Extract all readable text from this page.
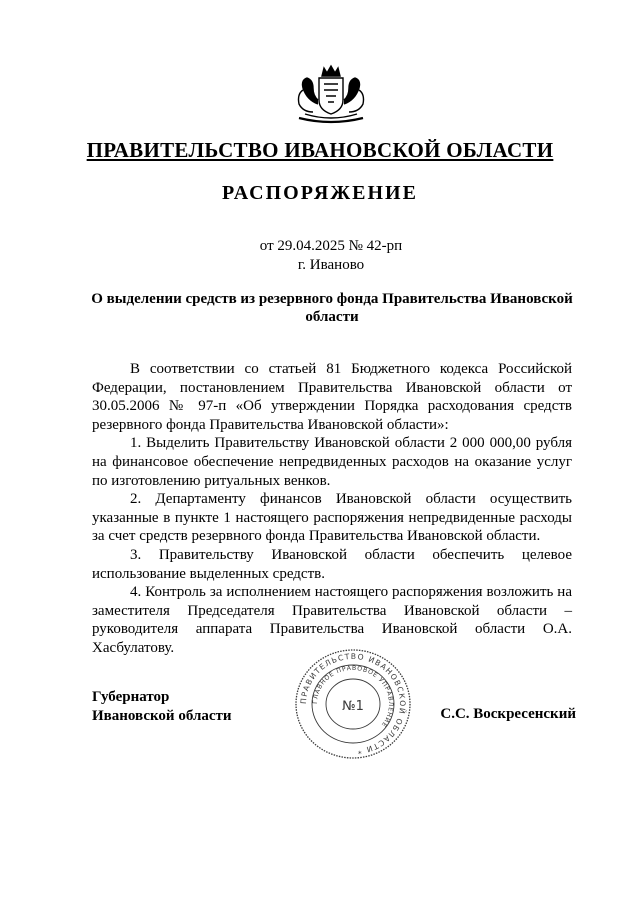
ПРАВИТЕЛЬСТВО ИВАНОВСКОЙ ОБЛАСТИ
РАСПОРЯЖЕНИЕ
от 29.04.2025 № 42-рп
г. Иваново
О выделении средств из резервного фонда Правительства Ивановской области

В соответствии со статьей 81 Бюджетного кодекса Российской Федерации, постановлением Правительства Ивановской области от 30.05.2006 № 97-п «Об утверждении Порядка расходования средств резервного фонда Правительства Ивановской области»:

1. Выделить Правительству Ивановской области 2 000 000,00 рубля на финансовое обеспечение непредвиденных расходов на оказание услуг по изготовлению ритуальных венков.

2. Департаменту финансов Ивановской области осуществить указанные в пункте 1 настоящего распоряжения непредвиденные расходы за счет средств резервного фонда Правительства Ивановской области.

3. Правительству Ивановской области обеспечить целевое использование выделенных средств.

4. Контроль за исполнением настоящего распоряжения возложить на заместителя Председателя Правительства Ивановской области – руководителя аппарата Правительства Ивановской области О.А. Хасбулатову.

Губернатор
Ивановской области	С.С. Воскресенский
ПРАВИТЕЛЬСТВО ИВАНОВСКОЙ ОБЛАСТИ *
ГЛАВНОЕ ПРАВОВОЕ УПРАВЛЕНИЕ
№1
